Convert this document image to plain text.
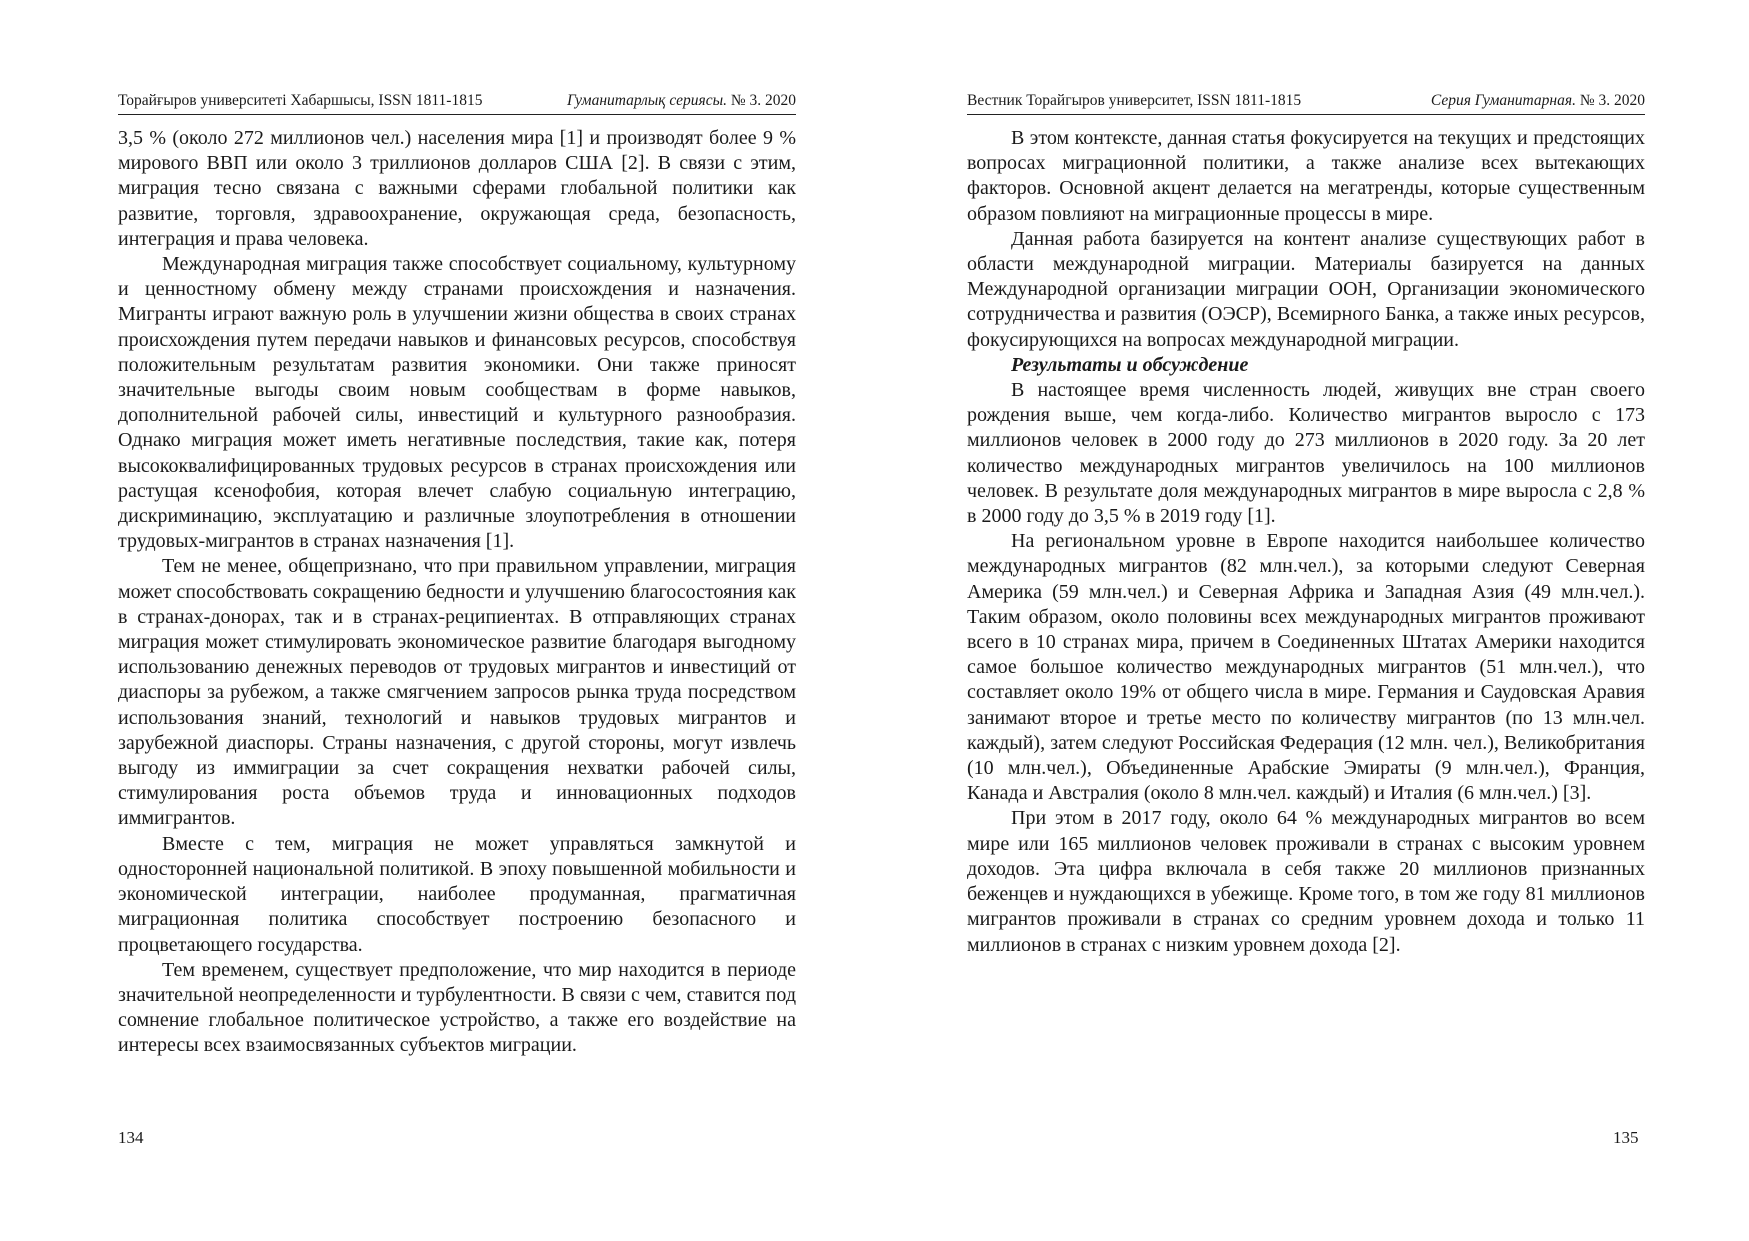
Торайғыров университетi Хабаршысы, ISSN 1811-1815	Гуманитарлық сериясы. № 3. 2020

3,5 % (около 272 миллионов чел.) населения мира [1] и производят более 9 % мирового ВВП или около 3 триллионов долларов США [2]. В связи с этим, миграция тесно связана с важными сферами глобальной политики как развитие, торговля, здравоохранение, окружающая среда, безопасность, интеграция и права человека.

Международная миграция также способствует социальному, культурному и ценностному обмену между странами происхождения и назначения. Мигранты играют важную роль в улучшении жизни общества в своих странах происхождения путем передачи навыков и финансовых ресурсов, способствуя положительным результатам развития экономики. Они также приносят значительные выгоды своим новым сообществам в форме навыков, дополнительной рабочей силы, инвестиций и культурного разнообразия. Однако миграция может иметь негативные последствия, такие как, потеря высококвалифицированных трудовых ресурсов в странах происхождения или растущая ксенофобия, которая влечет слабую социальную интеграцию, дискриминацию, эксплуатацию и различные злоупотребления в отношении трудовых-мигрантов в странах назначения [1].

Тем не менее, общепризнано, что при правильном управлении, миграция может способствовать сокращению бедности и улучшению благосостояния как в странах-донорах, так и в странах-реципиентах. В отправляющих странах миграция может стимулировать экономическое развитие благодаря выгодному использованию денежных переводов от трудовых мигрантов и инвестиций от диаспоры за рубежом, а также смягчением запросов рынка труда посредством использования знаний, технологий и навыков трудовых мигрантов и зарубежной диаспоры. Страны назначения, с другой стороны, могут извлечь выгоду из иммиграции за счет сокращения нехватки рабочей силы, стимулирования роста объемов труда и инновационных подходов иммигрантов.

Вместе с тем, миграция не может управляться замкнутой и односторонней национальной политикой. В эпоху повышенной мобильности и экономической интеграции, наиболее продуманная, прагматичная миграционная политика способствует построению безопасного и процветающего государства.

Тем временем, существует предположение, что мир находится в периоде значительной неопределенности и турбулентности. В связи с чем, ставится под сомнение глобальное политическое устройство, а также его воздействие на интересы всех взаимосвязанных субъектов миграции.

134
Вестник Торайгыров университет, ISSN 1811-1815	Серия Гуманитарная. № 3. 2020

В этом контексте, данная статья фокусируется на текущих и предстоящих вопросах миграционной политики, а также анализе всех вытекающих факторов. Основной акцент делается на мегатренды, которые существенным образом повлияют на миграционные процессы в мире.

Данная работа базируется на контент анализе существующих работ в области международной миграции. Материалы базируется на данных Международной организации миграции ООН, Организации экономического сотрудничества и развития (ОЭСР), Всемирного Банка, а также иных ресурсов, фокусирующихся на вопросах международной миграции.

Результаты и обсуждение

В настоящее время численность людей, живущих вне стран своего рождения выше, чем когда-либо. Количество мигрантов выросло с 173 миллионов человек в 2000 году до 273 миллионов в 2020 году. За 20 лет количество международных мигрантов увеличилось на 100 миллионов человек. В результате доля международных мигрантов в мире выросла с 2,8 % в 2000 году до 3,5 % в 2019 году [1].

На региональном уровне в Европе находится наибольшее количество международных мигрантов (82 млн.чел.), за которыми следуют Северная Америка (59 млн.чел.) и Северная Африка и Западная Азия (49 млн.чел.). Таким образом, около половины всех международных мигрантов проживают всего в 10 странах мира, причем в Соединенных Штатах Америки находится самое большое количество международных мигрантов (51 млн.чел.), что составляет около 19% от общего числа в мире. Германия и Саудовская Аравия занимают второе и третье место по количеству мигрантов (по 13 млн.чел. каждый), затем следуют Российская Федерация (12 млн. чел.), Великобритания (10 млн.чел.), Объединенные Арабские Эмираты (9 млн.чел.), Франция, Канада и Австралия (около 8 млн.чел. каждый) и Италия (6 млн.чел.) [3].

При этом в 2017 году, около 64 % международных мигрантов во всем мире или 165 миллионов человек проживали в странах с высоким уровнем доходов. Эта цифра включала в себя также 20 миллионов признанных беженцев и нуждающихся в убежище. Кроме того, в том же году 81 миллионов мигрантов проживали в странах со средним уровнем дохода и только 11 миллионов в странах с низким уровнем дохода [2].

135
